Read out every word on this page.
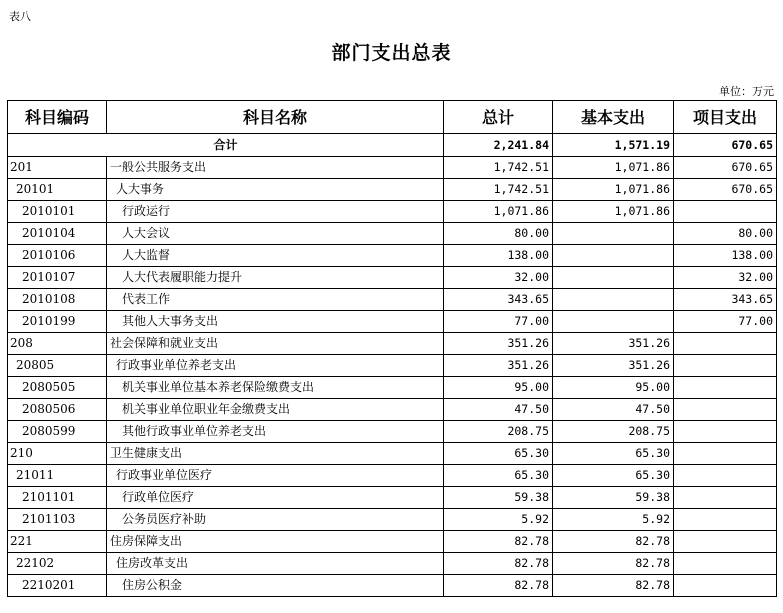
表八
部门支出总表
单位：万元
科目编码	科目名称	总计	基本支出	项目支出
合计		2,241.84	1,571.19	670.65
201	一般公共服务支出	1,742.51	1,071.86	670.65
20101	人大事务	1,742.51	1,071.86	670.65
2010101	行政运行	1,071.86	1,071.86	
2010104	人大会议	80.00		80.00
2010106	人大监督	138.00		138.00
2010107	人大代表履职能力提升	32.00		32.00
2010108	代表工作	343.65		343.65
2010199	其他人大事务支出	77.00		77.00
208	社会保障和就业支出	351.26	351.26	
20805	行政事业单位养老支出	351.26	351.26	
2080505	机关事业单位基本养老保险缴费支出	95.00	95.00	
2080506	机关事业单位职业年金缴费支出	47.50	47.50	
2080599	其他行政事业单位养老支出	208.75	208.75	
210	卫生健康支出	65.30	65.30	
21011	行政事业单位医疗	65.30	65.30	
2101101	行政单位医疗	59.38	59.38	
2101103	公务员医疗补助	5.92	5.92	
221	住房保障支出	82.78	82.78	
22102	住房改革支出	82.78	82.78	
2210201	住房公积金	82.78	82.78	
